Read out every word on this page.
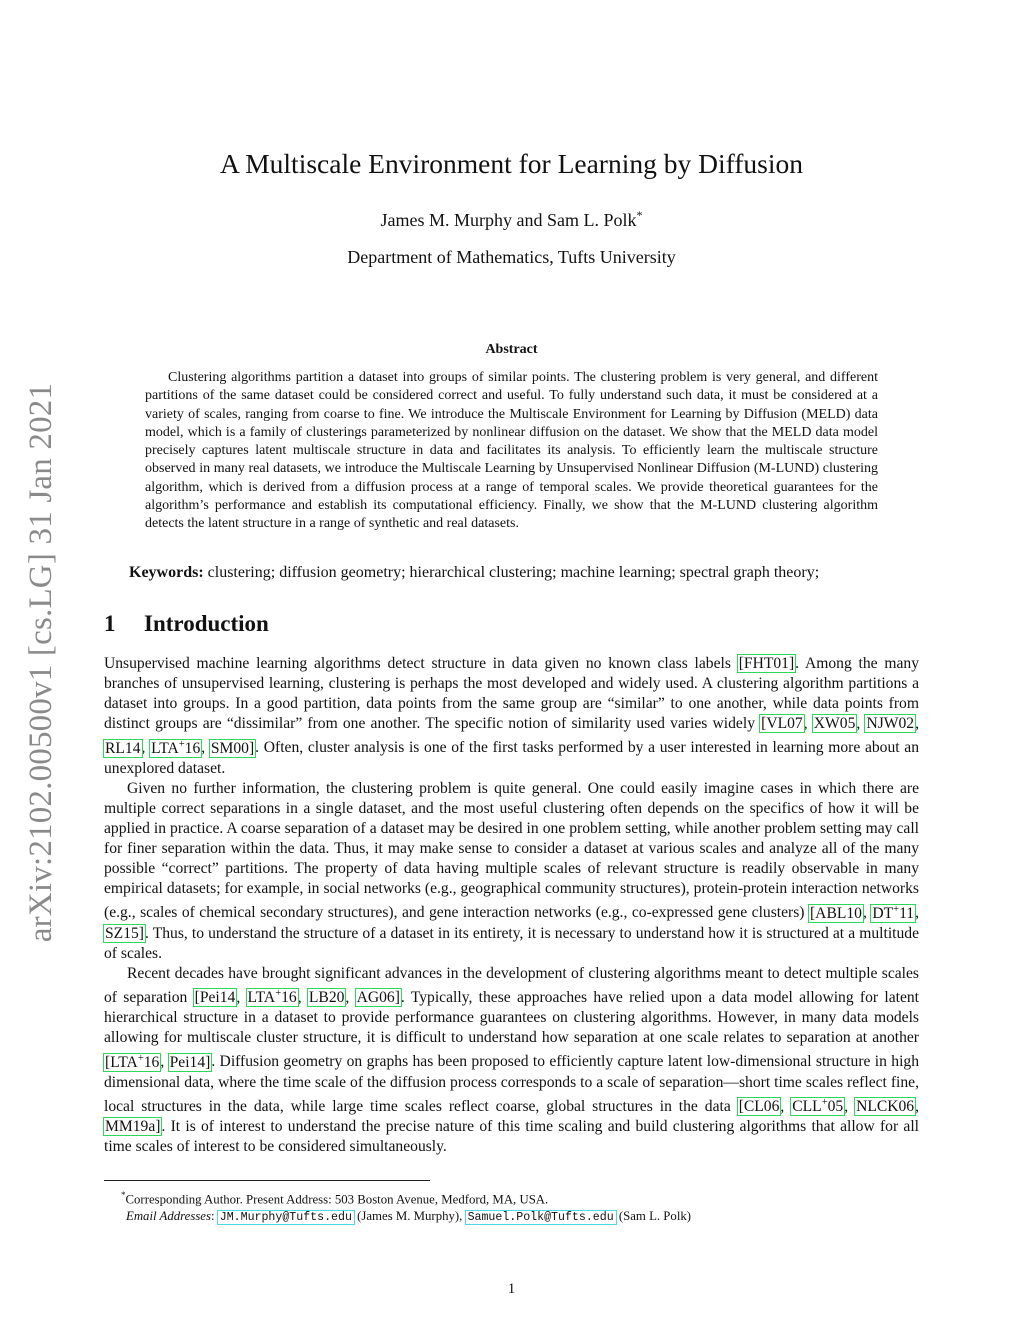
arXiv:2102.00500v1 [cs.LG] 31 Jan 2021
A Multiscale Environment for Learning by Diffusion
James M. Murphy and Sam L. Polk*
Department of Mathematics, Tufts University
Abstract

Clustering algorithms partition a dataset into groups of similar points. The clustering problem is very general, and different partitions of the same dataset could be considered correct and useful. To fully understand such data, it must be considered at a variety of scales, ranging from coarse to fine. We introduce the Multiscale Environment for Learning by Diffusion (MELD) data model, which is a family of clusterings parameterized by nonlinear diffusion on the dataset. We show that the MELD data model precisely captures latent multiscale structure in data and facilitates its analysis. To efficiently learn the multiscale structure observed in many real datasets, we introduce the Multiscale Learning by Unsupervised Nonlinear Diffusion (M-LUND) clustering algorithm, which is derived from a diffusion process at a range of temporal scales. We provide theoretical guarantees for the algorithm’s performance and establish its computational efficiency. Finally, we show that the M-LUND clustering algorithm detects the latent structure in a range of synthetic and real datasets.

Keywords: clustering; diffusion geometry; hierarchical clustering; machine learning; spectral graph theory;
1 Introduction

Unsupervised machine learning algorithms detect structure in data given no known class labels [FHT01]. Among the many branches of unsupervised learning, clustering is perhaps the most developed and widely used. A clustering algorithm partitions a dataset into groups. In a good partition, data points from the same group are “similar” to one another, while data points from distinct groups are “dissimilar” from one another. The specific notion of similarity used varies widely [VL07, XW05, NJW02, RL14, LTA+16, SM00]. Often, cluster analysis is one of the first tasks performed by a user interested in learning more about an unexplored dataset.

Given no further information, the clustering problem is quite general. One could easily imagine cases in which there are multiple correct separations in a single dataset, and the most useful clustering often depends on the specifics of how it will be applied in practice. A coarse separation of a dataset may be desired in one problem setting, while another problem setting may call for finer separation within the data. Thus, it may make sense to consider a dataset at various scales and analyze all of the many possible “correct” partitions. The property of data having multiple scales of relevant structure is readily observable in many empirical datasets; for example, in social networks (e.g., geographical community structures), protein-protein interaction networks (e.g., scales of chemical secondary structures), and gene interaction networks (e.g., co-expressed gene clusters) [ABL10, DT+11, SZ15]. Thus, to understand the structure of a dataset in its entirety, it is necessary to understand how it is structured at a multitude of scales.

Recent decades have brought significant advances in the development of clustering algorithms meant to detect multiple scales of separation [Pei14, LTA+16, LB20, AG06]. Typically, these approaches have relied upon a data model allowing for latent hierarchical structure in a dataset to provide performance guarantees on clustering algorithms. However, in many data models allowing for multiscale cluster structure, it is difficult to understand how separation at one scale relates to separation at another [LTA+16, Pei14]. Diffusion geometry on graphs has been proposed to efficiently capture latent low-dimensional structure in high dimensional data, where the time scale of the diffusion process corresponds to a scale of separation—short time scales reflect fine, local structures in the data, while large time scales reflect coarse, global structures in the data [CL06, CLL+05, NLCK06, MM19a]. It is of interest to understand the precise nature of this time scaling and build clustering algorithms that allow for all time scales of interest to be considered simultaneously.

*Corresponding Author. Present Address: 503 Boston Avenue, Medford, MA, USA.
Email Addresses: JM.Murphy@Tufts.edu (James M. Murphy), Samuel.Polk@Tufts.edu (Sam L. Polk)
1
